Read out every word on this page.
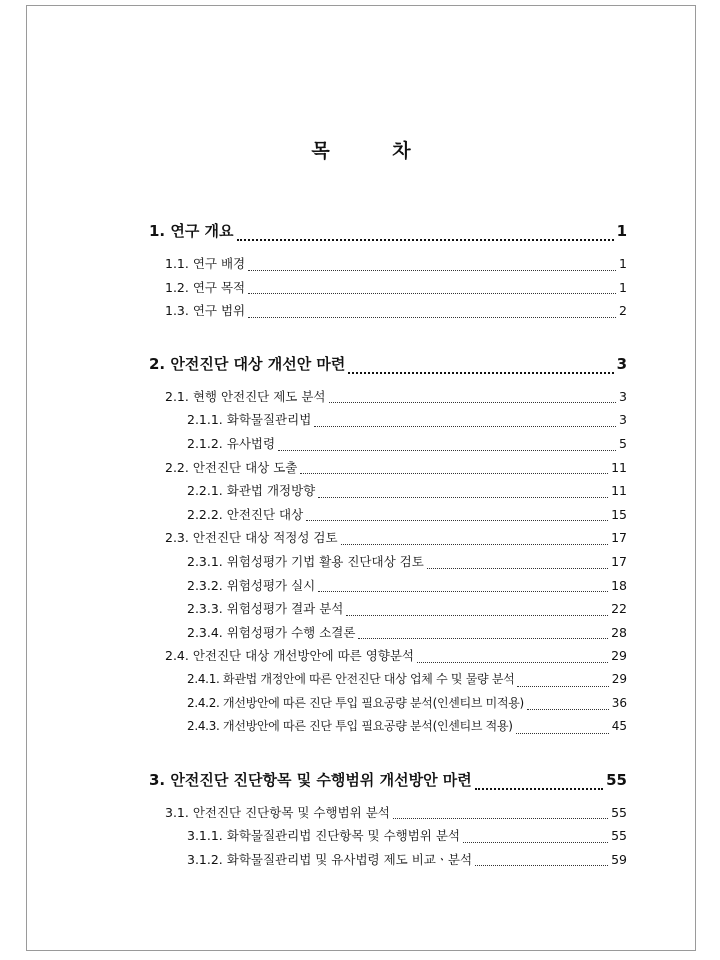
목 차
1. 연구 개요	1
1.1. 연구 배경	1
1.2. 연구 목적	1
1.3. 연구 범위	2
2. 안전진단 대상 개선안 마련	3
2.1. 현행 안전진단 제도 분석	3
2.1.1. 화학물질관리법	3
2.1.2. 유사법령	5
2.2. 안전진단 대상 도출	11
2.2.1. 화관법 개정방향	11
2.2.2. 안전진단 대상	15
2.3. 안전진단 대상 적정성 검토	17
2.3.1. 위험성평가 기법 활용 진단대상 검토	17
2.3.2. 위험성평가 실시	18
2.3.3. 위험성평가 결과 분석	22
2.3.4. 위험성평가 수행 소결론	28
2.4. 안전진단 대상 개선방안에 따른 영향분석	29
2.4.1. 화관법 개정안에 따른 안전진단 대상 업체 수 및 물량 분석	29
2.4.2. 개선방안에 따른 진단 투입 필요공량 분석(인센티브 미적용)	36
2.4.3. 개선방안에 따른 진단 투입 필요공량 분석(인센티브 적용)	45
3. 안전진단 진단항목 및 수행범위 개선방안 마련	55
3.1. 안전진단 진단항목 및 수행범위 분석	55
3.1.1. 화학물질관리법 진단항목 및 수행범위 분석	55
3.1.2. 화학물질관리법 및 유사법령 제도 비교ㆍ분석	59
